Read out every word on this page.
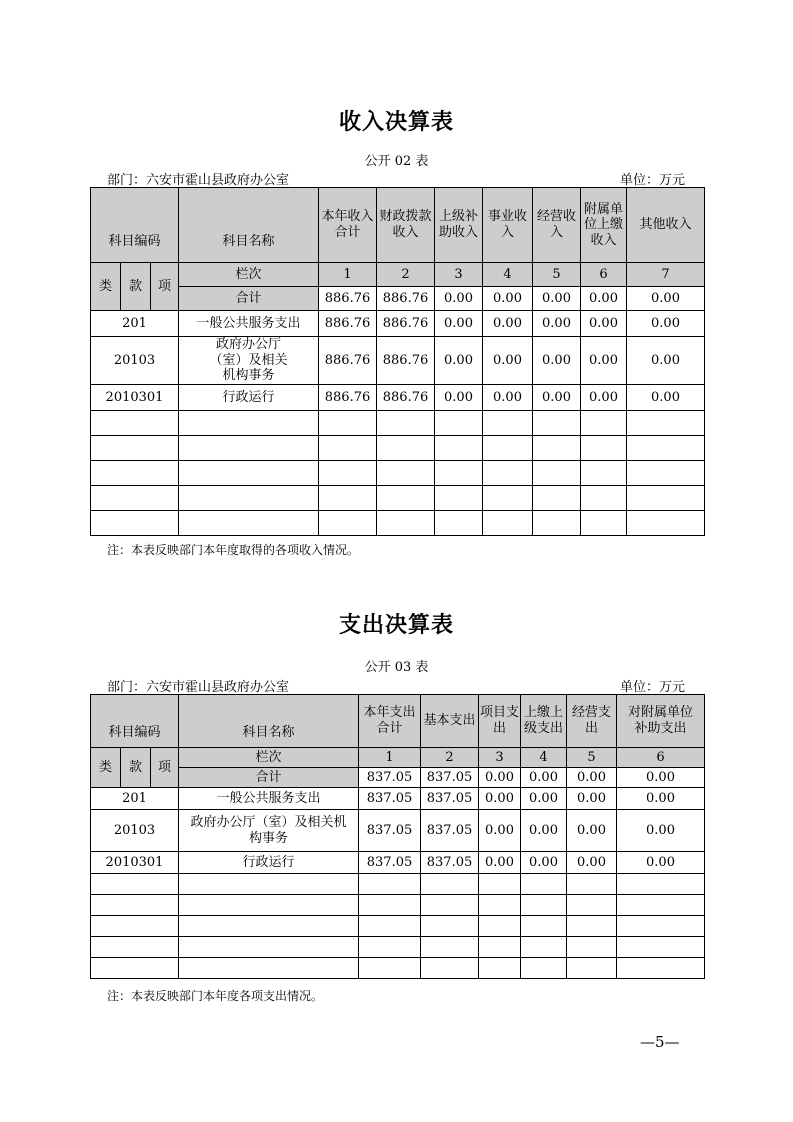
收入决算表
公开 02 表
部门：六安市霍山县政府办公室	单位：万元
科目编码			科目名称	本年收入合计	财政拨款收入	上级补助收入	事业收入	经营收入	附属单位上缴收入	其他收入
类	款	项	栏次	1	2	3	4	5	6	7
			合计	886.76	886.76	0.00	0.00	0.00	0.00	0.00
201			一般公共服务支出	886.76	886.76	0.00	0.00	0.00	0.00	0.00
20103			政府办公厅（室）及相关机构事务	886.76	886.76	0.00	0.00	0.00	0.00	0.00
2010301			行政运行	886.76	886.76	0.00	0.00	0.00	0.00	0.00

注：本表反映部门本年度取得的各项收入情况。
支出决算表
公开 03 表
部门：六安市霍山县政府办公室	单位：万元
科目编码			科目名称	本年支出合计	基本支出	项目支出	上缴上级支出	经营支出	对附属单位补助支出
类	款	项	栏次	1	2	3	4	5	6
			合计	837.05	837.05	0.00	0.00	0.00	0.00
201			一般公共服务支出	837.05	837.05	0.00	0.00	0.00	0.00
20103			政府办公厅（室）及相关机构事务	837.05	837.05	0.00	0.00	0.00	0.00
2010301			行政运行	837.05	837.05	0.00	0.00	0.00	0.00

注：本表反映部门本年度各项支出情况。
—5—
